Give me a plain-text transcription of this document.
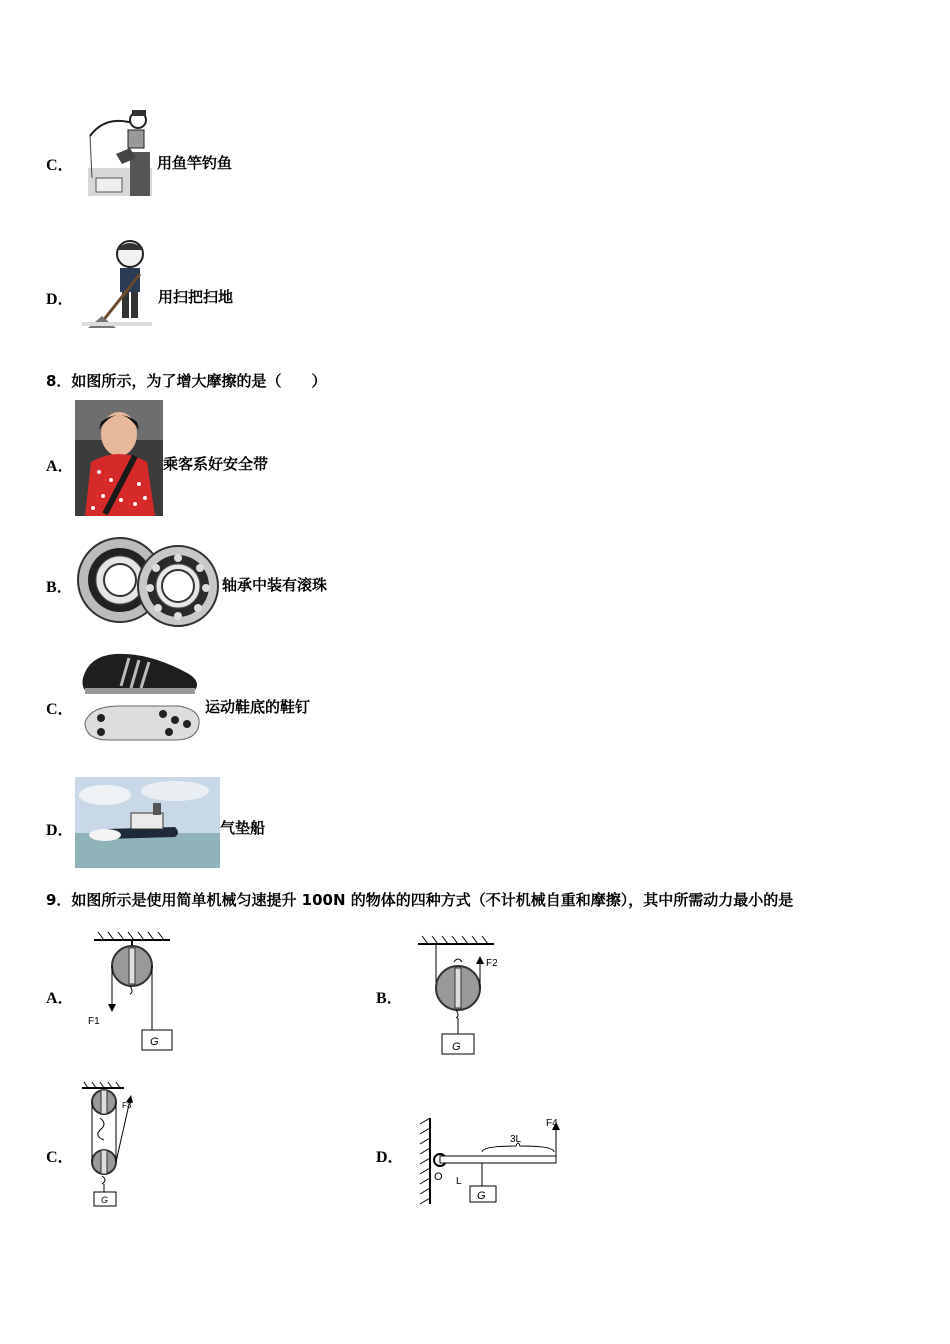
C．	用鱼竿钓鱼
D．	用扫把扫地
8．如图所示，为了增大摩擦的是（　　）
A．	乘客系好安全带
B．	轴承中装有滚珠
C．	运动鞋底的鞋钉
D．	气垫船
9．如图所示是使用简单机械匀速提升 100N 的物体的四种方式（不计机械自重和摩擦），其中所需动力最小的是
A．
F1
G
B．
F2
G
C．
F3
G
D．
O L
3L
F4
G
